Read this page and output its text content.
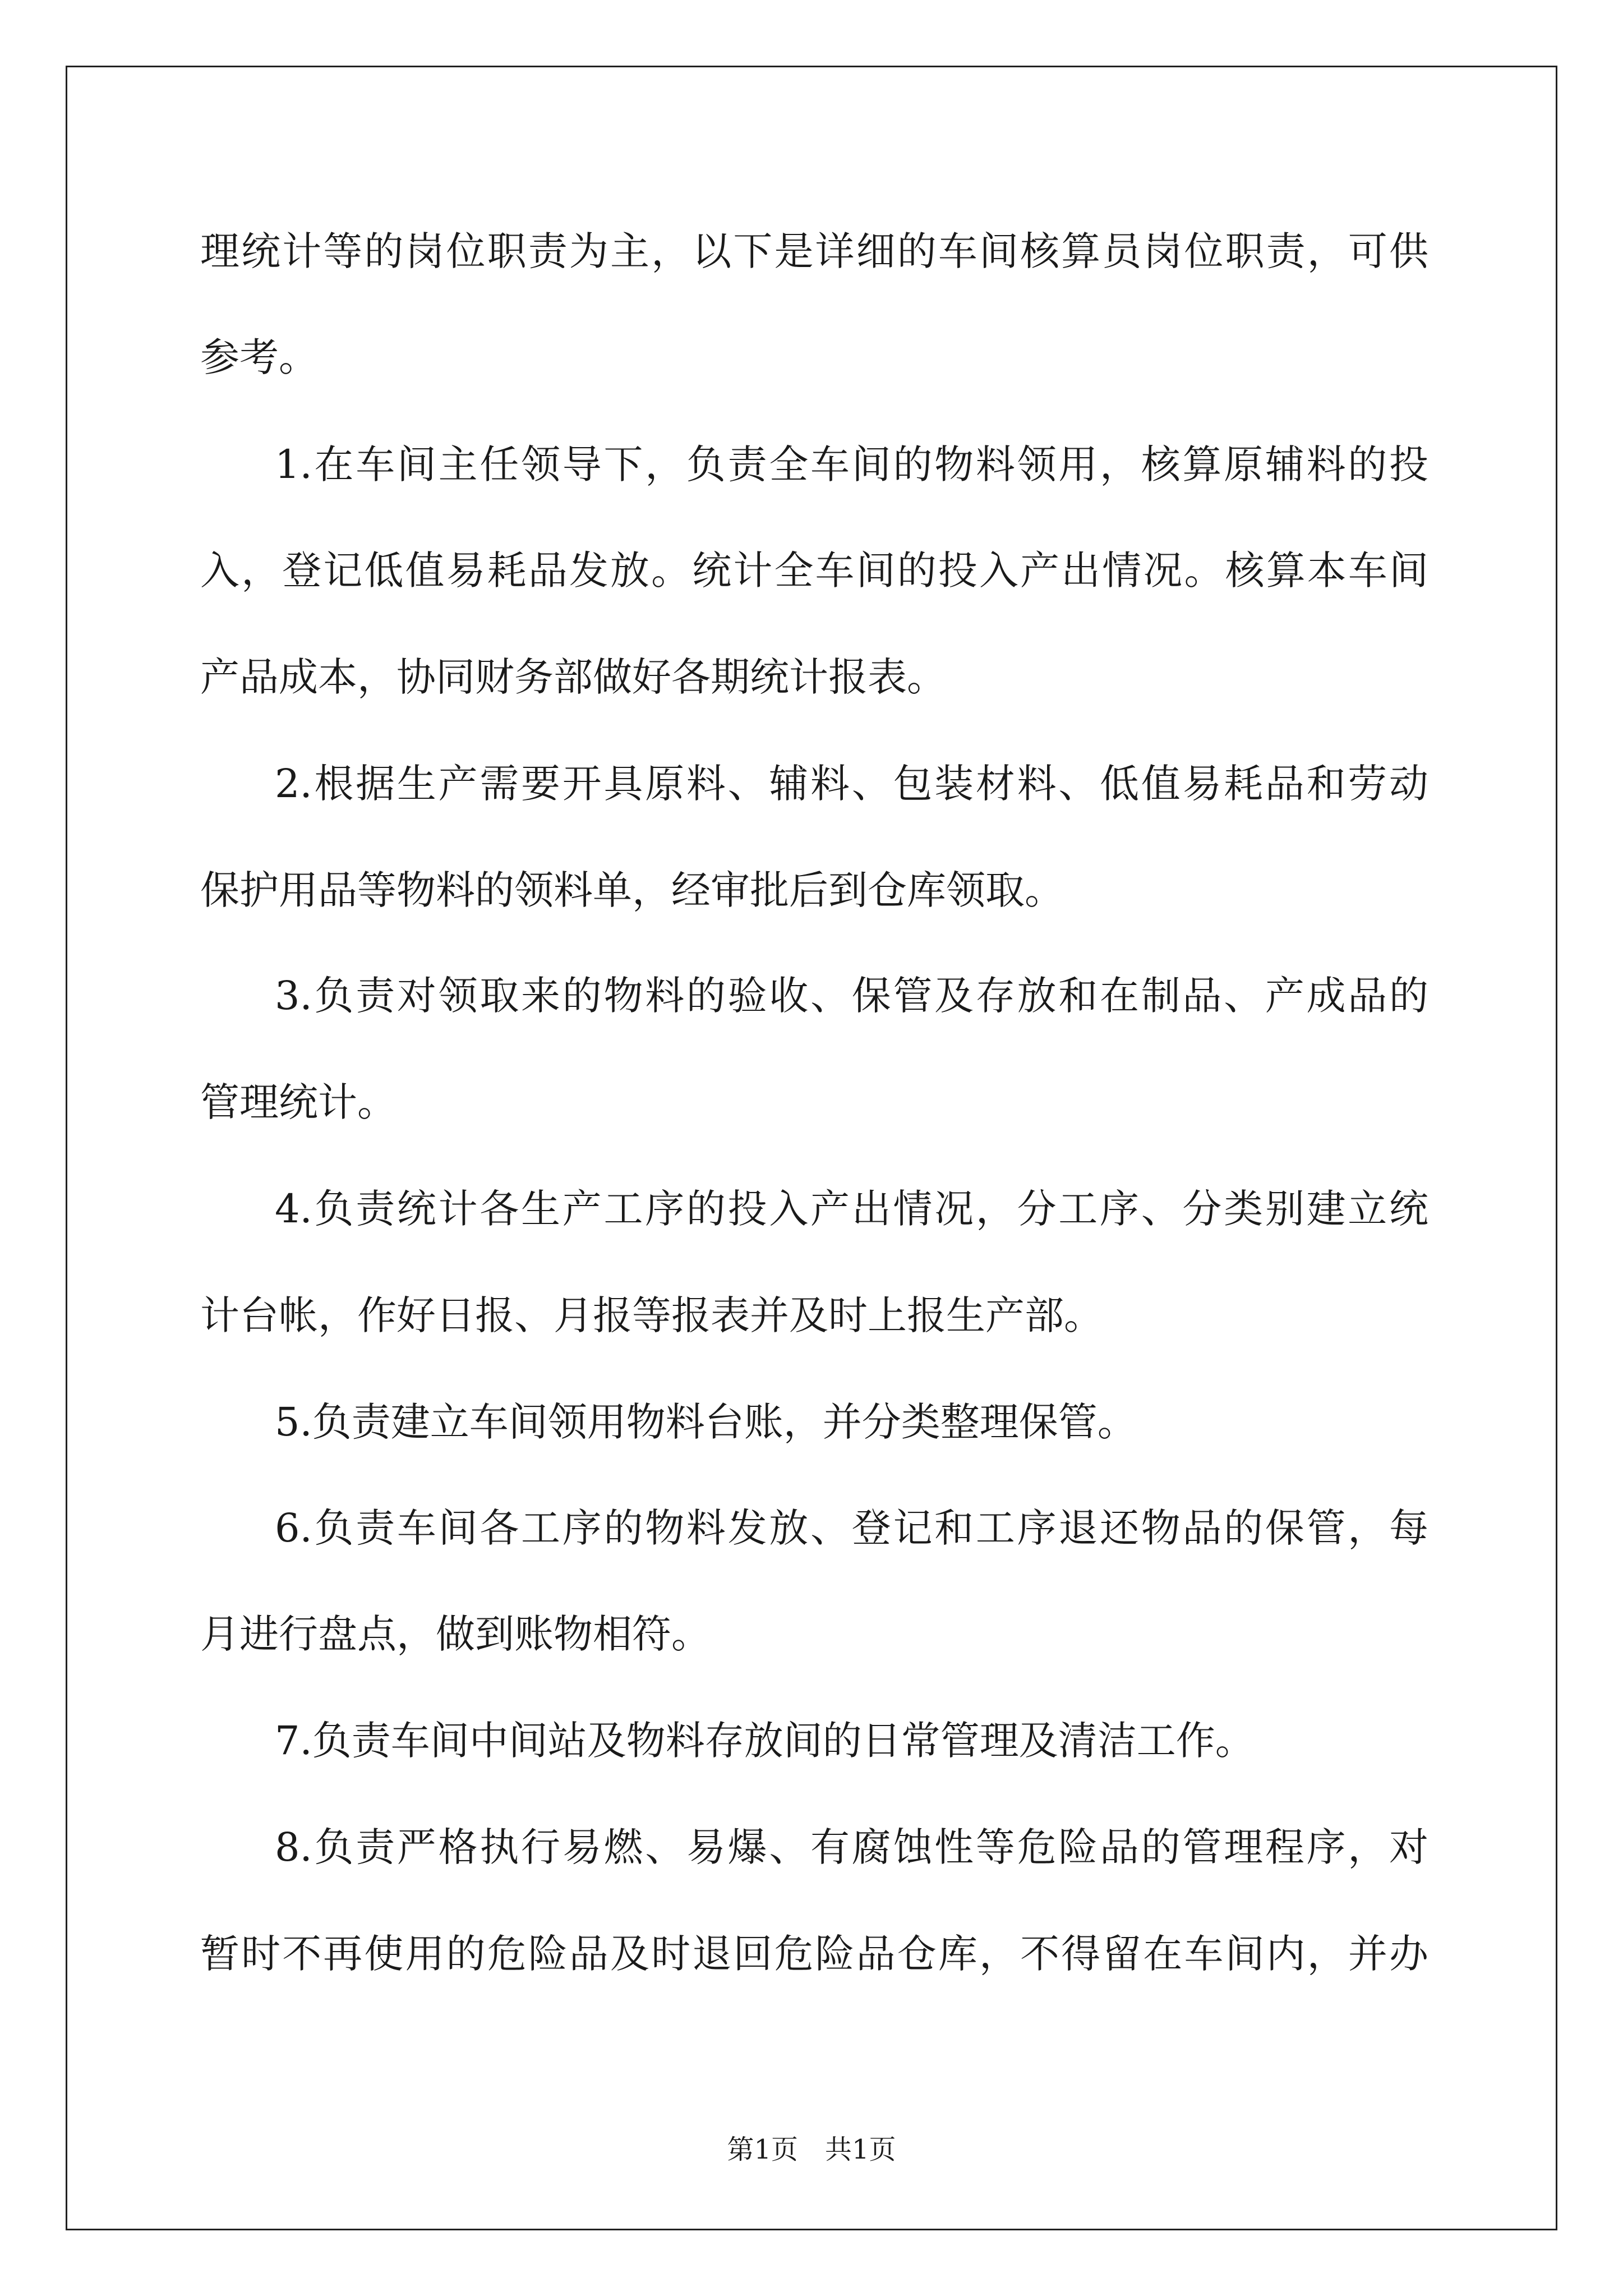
理统计等的岗位职责为主，以下是详细的车间核算员岗位职责，可供
参考。
1.在车间主任领导下，负责全车间的物料领用，核算原辅料的投
入，登记低值易耗品发放。统计全车间的投入产出情况。核算本车间
产品成本，协同财务部做好各期统计报表。
2.根据生产需要开具原料、辅料、包装材料、低值易耗品和劳动
保护用品等物料的领料单，经审批后到仓库领取。
3.负责对领取来的物料的验收、保管及存放和在制品、产成品的
管理统计。
4.负责统计各生产工序的投入产出情况，分工序、分类别建立统
计台帐，作好日报、月报等报表并及时上报生产部。
5.负责建立车间领用物料台账，并分类整理保管。
6.负责车间各工序的物料发放、登记和工序退还物品的保管，每
月进行盘点，做到账物相符。
7.负责车间中间站及物料存放间的日常管理及清洁工作。
8.负责严格执行易燃、易爆、有腐蚀性等危险品的管理程序，对
暂时不再使用的危险品及时退回危险品仓库，不得留在车间内，并办
第1页　共1页
